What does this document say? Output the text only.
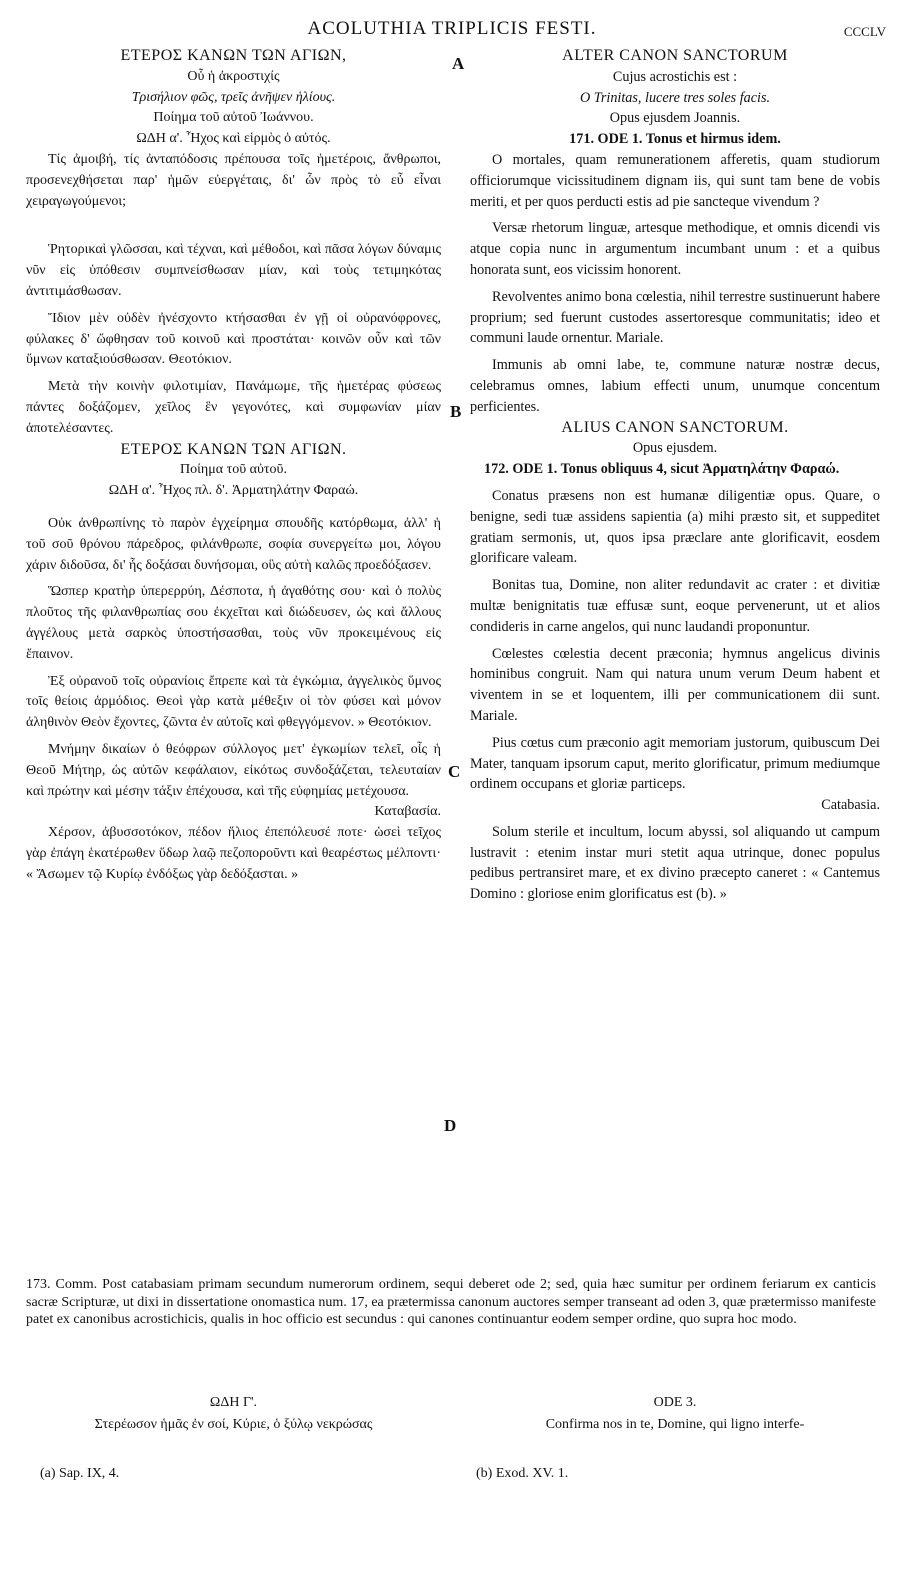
ACOLUTHIA TRIPLICIS FESTI.	CCCLV
A
B
C
D

ΕΤΕΡΟΣ ΚΑΝΩΝ ΤΩΝ ΑΓΙΩΝ,

Οὗ ἡ ἀκροστιχίς

Τρισήλιον φῶς, τρεῖς ἀνῆψεν ἡλίους.

Ποίημα τοῦ αὐτοῦ Ἰωάννου.

ΩΔΗ α'. Ἦχος καὶ εἱρμὸς ὁ αὐτός.

Τίς ἀμοιβή, τίς ἀνταπόδοσις πρέπουσα τοῖς ἡμετέροις, ἄνθρωποι, προσενεχθήσεται παρ' ἡμῶν εὐεργέταις, δι' ὧν πρὸς τὸ εὖ εἶναι χειραγωγούμενοι;

Ῥητορικαὶ γλῶσσαι, καὶ τέχναι, καὶ μέθοδοι, καὶ πᾶσα λόγων δύναμις νῦν εἰς ὑπόθεσιν συμπνείσθωσαν μίαν, καὶ τοὺς τετιμηκότας ἀντιτιμάσθωσαν.

Ἴδιον μὲν οὐδὲν ἠνέσχοντο κτήσασθαι ἐν γῇ οἱ οὐρανόφρονες, φύλακες δ' ὤφθησαν τοῦ κοινοῦ καὶ προστάται· κοινῶν οὖν καὶ τῶν ὕμνων καταξιούσθωσαν. Θεοτόκιον.

Μετὰ τὴν κοινὴν φιλοτιμίαν, Πανάμωμε, τῆς ἡμετέρας φύσεως πάντες δοξάζομεν, χεῖλος ἓν γεγονότες, καὶ συμφωνίαν μίαν ἀποτελέσαντες.

ΕΤΕΡΟΣ ΚΑΝΩΝ ΤΩΝ ΑΓΙΩΝ.

Ποίημα τοῦ αὐτοῦ.

ΩΔΗ α'. Ἦχος πλ. δ'. Ἁρματηλάτην Φαραώ.

Οὐκ ἀνθρωπίνης τὸ παρὸν ἐγχείρημα σπουδῆς κατόρθωμα, ἀλλ' ἡ τοῦ σοῦ θρόνου πάρεδρος, φιλάνθρωπε, σοφία συνεργείτω μοι, λόγου χάριν διδοῦσα, δι' ἧς δοξάσαι δυνήσομαι, οὓς αὐτὴ καλῶς προεδόξασεν.

Ὥσπερ κρατὴρ ὑπερερρύη, Δέσποτα, ἡ ἀγαθότης σου· καὶ ὁ πολὺς πλοῦτος τῆς φιλανθρωπίας σου ἐκχεῖται καὶ διώδευσεν, ὡς καὶ ἄλλους ἀγγέλους μετὰ σαρκὸς ὑποστήσασθαι, τοὺς νῦν προκειμένους εἰς ἔπαινον.

Ἐξ οὐρανοῦ τοῖς οὐρανίοις ἔπρεπε καὶ τὰ ἐγκώμια, ἀγγελικὸς ὕμνος τοῖς θείοις ἁρμόδιος. Θεοὶ γὰρ κατὰ μέθεξιν οἱ τὸν φύσει καὶ μόνον ἀληθινὸν Θεὸν ἔχοντες, ζῶντα ἐν αὐτοῖς καὶ φθεγγόμενον. » Θεοτόκιον.

Μνήμην δικαίων ὁ θεόφρων σύλλογος μετ' ἐγκωμίων τελεῖ, οἷς ἡ Θεοῦ Μήτηρ, ὡς αὐτῶν κεφάλαιον, εἰκότως συνδοξάζεται, τελευταίαν καὶ πρώτην καὶ μέσην τάξιν ἐπέχουσα, καὶ τῆς εὐφημίας μετέχουσα.

Καταβασία.

Χέρσον, ἀβυσσοτόκον, πέδον ἥλιος ἐπεπόλευσέ ποτε· ὡσεὶ τεῖχος γὰρ ἐπάγη ἑκατέρωθεν ὕδωρ λαῷ πεζοποροῦντι καὶ θεαρέστως μέλποντι· « Ἄσωμεν τῷ Κυρίῳ ἐνδόξως γὰρ δεδόξασται. »

ALTER CANON SANCTORUM

Cujus acrostichis est :

O Trinitas, lucere tres soles facis.

Opus ejusdem Joannis.

171. ODE 1. Tonus et hirmus idem.

O mortales, quam remunerationem afferetis, quam studiorum officiorumque vicissitudinem dignam iis, qui sunt tam bene de vobis meriti, et per quos perducti estis ad pie sancteque vivendum ?

Versæ rhetorum linguæ, artesque methodique, et omnis dicendi vis atque copia nunc in argumentum incumbant unum : et a quibus honorata sunt, eos vicissim honorent.

Revolventes animo bona cœlestia, nihil terrestre sustinuerunt habere proprium; sed fuerunt custodes assertoresque communitatis; ideo et communi laude ornentur. Mariale.

Immunis ab omni labe, te, commune naturæ nostræ decus, celebramus omnes, labium effecti unum, unumque concentum perficientes.

ALIUS CANON SANCTORUM.

Opus ejusdem.

172. ODE 1. Tonus obliquus 4, sicut Ἁρματηλάτην Φαραώ.

Conatus præsens non est humanæ diligentiæ opus. Quare, o benigne, sedi tuæ assidens sapientia (a) mihi præsto sit, et suppeditet gratiam sermonis, ut, quos ipsa præclare ante glorificavit, eosdem glorificare valeam.

Bonitas tua, Domine, non aliter redundavit ac crater : et divitiæ multæ benignitatis tuæ effusæ sunt, eoque pervenerunt, ut et alios condideris in carne angelos, qui nunc laudandi proponuntur.

Cœlestes cœlestia decent præconia; hymnus angelicus divinis hominibus congruit. Nam qui natura unum verum Deum habent et viventem in se et loquentem, illi per communicationem dii sunt. Mariale.

Pius cœtus cum præconio agit memoriam justorum, quibuscum Dei Mater, tanquam ipsorum caput, merito glorificatur, primum mediumque ordinem occupans et gloriæ particeps.

Catabasia.

Solum sterile et incultum, locum abyssi, sol aliquando ut campum lustravit : etenim instar muri stetit aqua utrinque, donec populus pedibus pertransiret mare, et ex divino præcepto caneret : « Cantemus Domino : gloriose enim glorificatus est (b). »

173. Comm. Post catabasiam primam secundum numerorum ordinem, sequi deberet ode 2; sed, quia hæc sumitur per ordinem feriarum ex canticis sacræ Scripturæ, ut dixi in dissertatione onomastica num. 17, ea prætermissa canonum auctores semper transeant ad oden 3, quæ prætermisso manifeste patet ex canonibus acrostichicis, qualis in hoc officio est secundus : qui canones continuantur eodem semper ordine, quo supra hoc modo.
ΩΔΗ Γ'.
Στερέωσον ἡμᾶς ἐν σοί, Κύριε, ὁ ξύλῳ νεκρώσας
ODE 3.
Confirma nos in te, Domine, qui ligno interfe-
(a) Sap. IX, 4.	(b) Exod. XV. 1.
